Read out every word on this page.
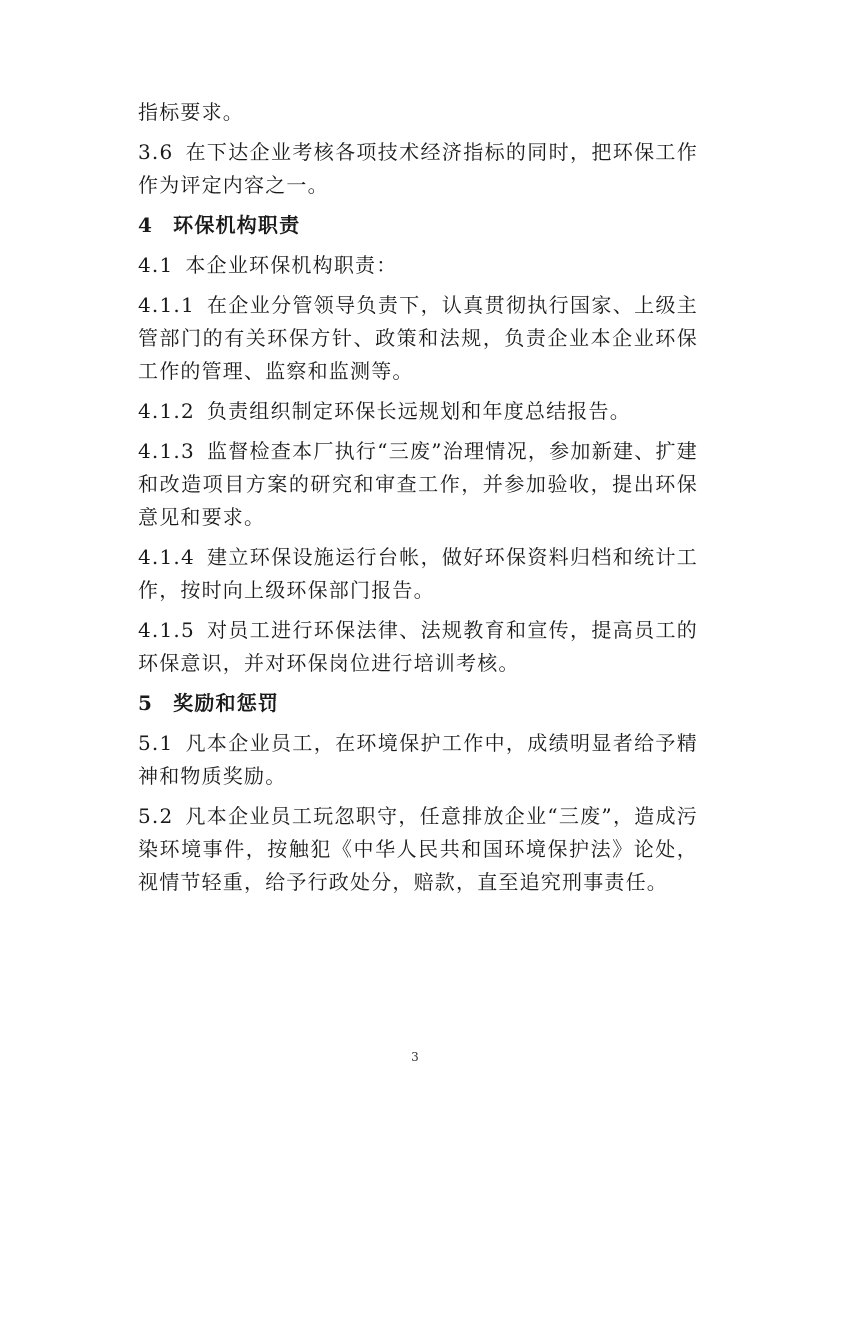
指标要求。

3.6 在下达企业考核各项技术经济指标的同时，把环保工作作为评定内容之一。

4 环保机构职责

4.1 本企业环保机构职责：

4.1.1 在企业分管领导负责下，认真贯彻执行国家、上级主管部门的有关环保方针、政策和法规，负责企业本企业环保工作的管理、监察和监测等。

4.1.2 负责组织制定环保长远规划和年度总结报告。

4.1.3 监督检查本厂执行“三废”治理情况，参加新建、扩建和改造项目方案的研究和审查工作，并参加验收，提出环保意见和要求。

4.1.4 建立环保设施运行台帐，做好环保资料归档和统计工作，按时向上级环保部门报告。

4.1.5 对员工进行环保法律、法规教育和宣传，提高员工的环保意识，并对环保岗位进行培训考核。

5 奖励和惩罚

5.1 凡本企业员工，在环境保护工作中，成绩明显者给予精神和物质奖励。

5.2 凡本企业员工玩忽职守，任意排放企业“三废”，造成污染环境事件，按触犯《中华人民共和国环境保护法》论处，视情节轻重，给予行政处分，赔款，直至追究刑事责任。

3
